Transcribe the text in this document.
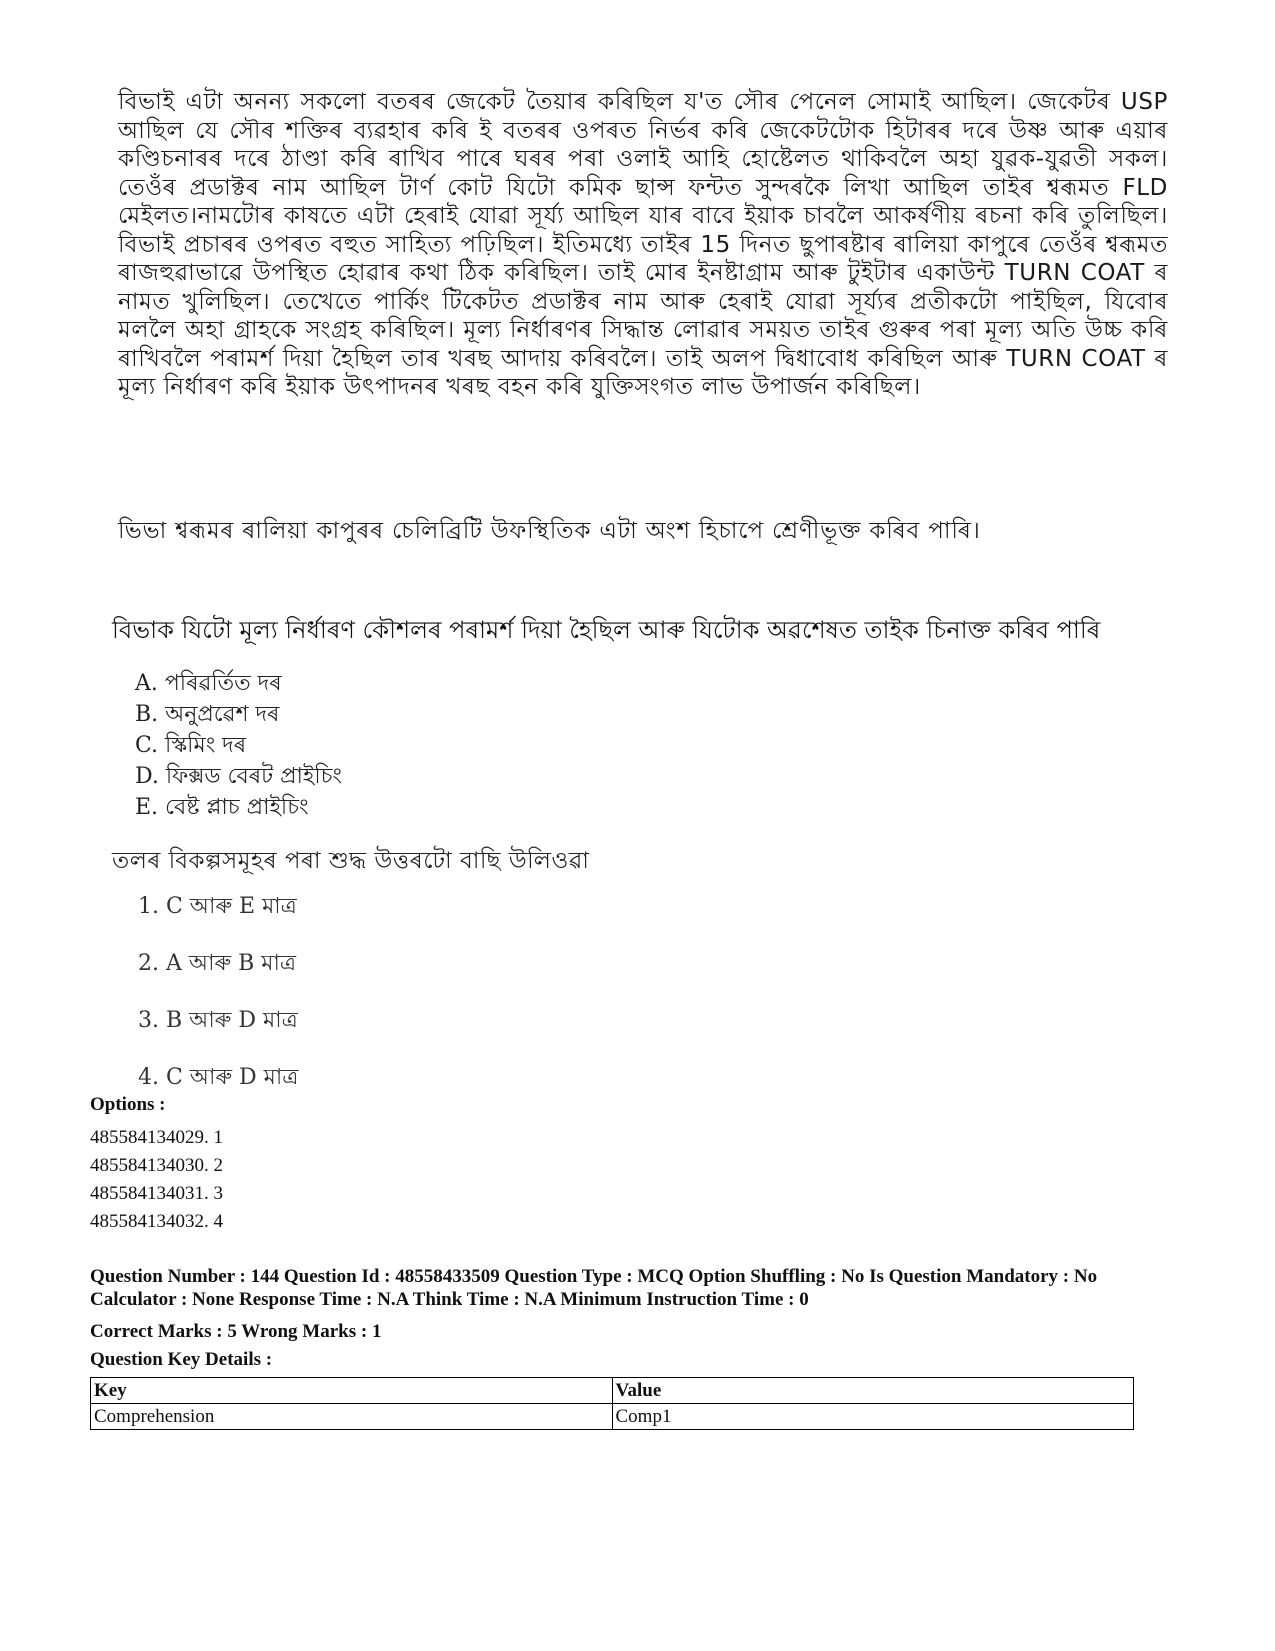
বিভাই এটা অনন্য সকলো বতৰৰ জেকেট তৈয়াৰ কৰিছিল য'ত সৌৰ পেনেল সোমাই আছিল। জেকেটৰ USP আছিল যে সৌৰ শক্তিৰ ব্যৱহাৰ কৰি ই বতৰৰ ওপৰত নিৰ্ভৰ কৰি জেকেটটোক হিটাৰৰ দৰে উষ্ণ আৰু এয়াৰ কণ্ডিচনাৰৰ দৰে ঠাণ্ডা কৰি ৰাখিব পাৰে ঘৰৰ পৰা ওলাই আহি হোষ্টেলত থাকিবলৈ অহা যুৱক-যুৱতী সকল। তেওঁৰ প্ৰডাক্টৰ নাম আছিল টাৰ্ণ কোট যিটো কমিক ছান্স ফন্টত সুন্দৰকৈ লিখা আছিল তাইৰ শ্বৰূমত FLD মেইলত।নামটোৰ কাষতে এটা হেৰাই যোৱা সূৰ্য্য আছিল যাৰ বাবে ইয়াক চাবলৈ আকৰ্ষণীয় ৰচনা কৰি তুলিছিল। বিভাই প্ৰচাৰৰ ওপৰত বহুত সাহিত্য পঢ়িছিল। ইতিমধ্যে তাইৰ 15 দিনত ছুপাৰষ্টাৰ ৰালিয়া কাপুৰে তেওঁৰ শ্বৰূমত ৰাজহুৱাভাৱে উপস্থিত হোৱাৰ কথা ঠিক কৰিছিল। তাই মোৰ ইনষ্টাগ্ৰাম আৰু টুইটাৰ একাউন্ট TURN COAT ৰ নামত খুলিছিল। তেখেতে পাৰ্কিং টিকেটত প্ৰডাক্টৰ নাম আৰু হেৰাই যোৱা সূৰ্য্যৰ প্ৰতীকটো পাইছিল, যিবোৰ মললৈ অহা গ্ৰাহকে সংগ্ৰহ কৰিছিল। মূল্য নিৰ্ধাৰণৰ সিদ্ধান্ত লোৱাৰ সময়ত তাইৰ গুৰুৰ পৰা মূল্য অতি উচ্চ কৰি ৰাখিবলৈ পৰামৰ্শ দিয়া হৈছিল তাৰ খৰছ আদায় কৰিবলৈ। তাই অলপ দ্বিধাবোধ কৰিছিল আৰু TURN COAT ৰ মূল্য নিৰ্ধাৰণ কৰি ইয়াক উৎপাদনৰ খৰছ বহন কৰি যুক্তিসংগত লাভ উপাৰ্জন কৰিছিল।

ভিভা শ্বৰূমৰ ৰালিয়া কাপুৰৰ চেলিব্ৰিটি উফস্থিতিক এটা অংশ হিচাপে শ্ৰেণীভূক্ত কৰিব পাৰি।

বিভাক যিটো মূল্য নিৰ্ধাৰণ কৌশলৰ পৰামৰ্শ দিয়া হৈছিল আৰু যিটোক অৱশেষত তাইক চিনাক্ত কৰিব পাৰি

A. পৰিৱৰ্তিত দৰ
B. অনুপ্ৰৱেশ দৰ
C. স্কিমিং দৰ
D. ফিক্সড বেৰট প্ৰাইচিং
E. বেষ্ট প্লাচ প্ৰাইচিং

তলৰ বিকল্পসমূহৰ পৰা শুদ্ধ উত্তৰটো বাছি উলিওৱা

1. C আৰু E মাত্ৰ
2. A আৰু B মাত্ৰ
3. B আৰু D মাত্ৰ
4. C আৰু D মাত্ৰ

Options :

485584134029. 1
485584134030. 2
485584134031. 3
485584134032. 4

Question Number : 144 Question Id : 48558433509 Question Type : MCQ Option Shuffling : No Is Question Mandatory : No Calculator : None Response Time : N.A Think Time : N.A Minimum Instruction Time : 0

Correct Marks : 5 Wrong Marks : 1

Question Key Details :

Key	Value
Comprehension	Comp1
